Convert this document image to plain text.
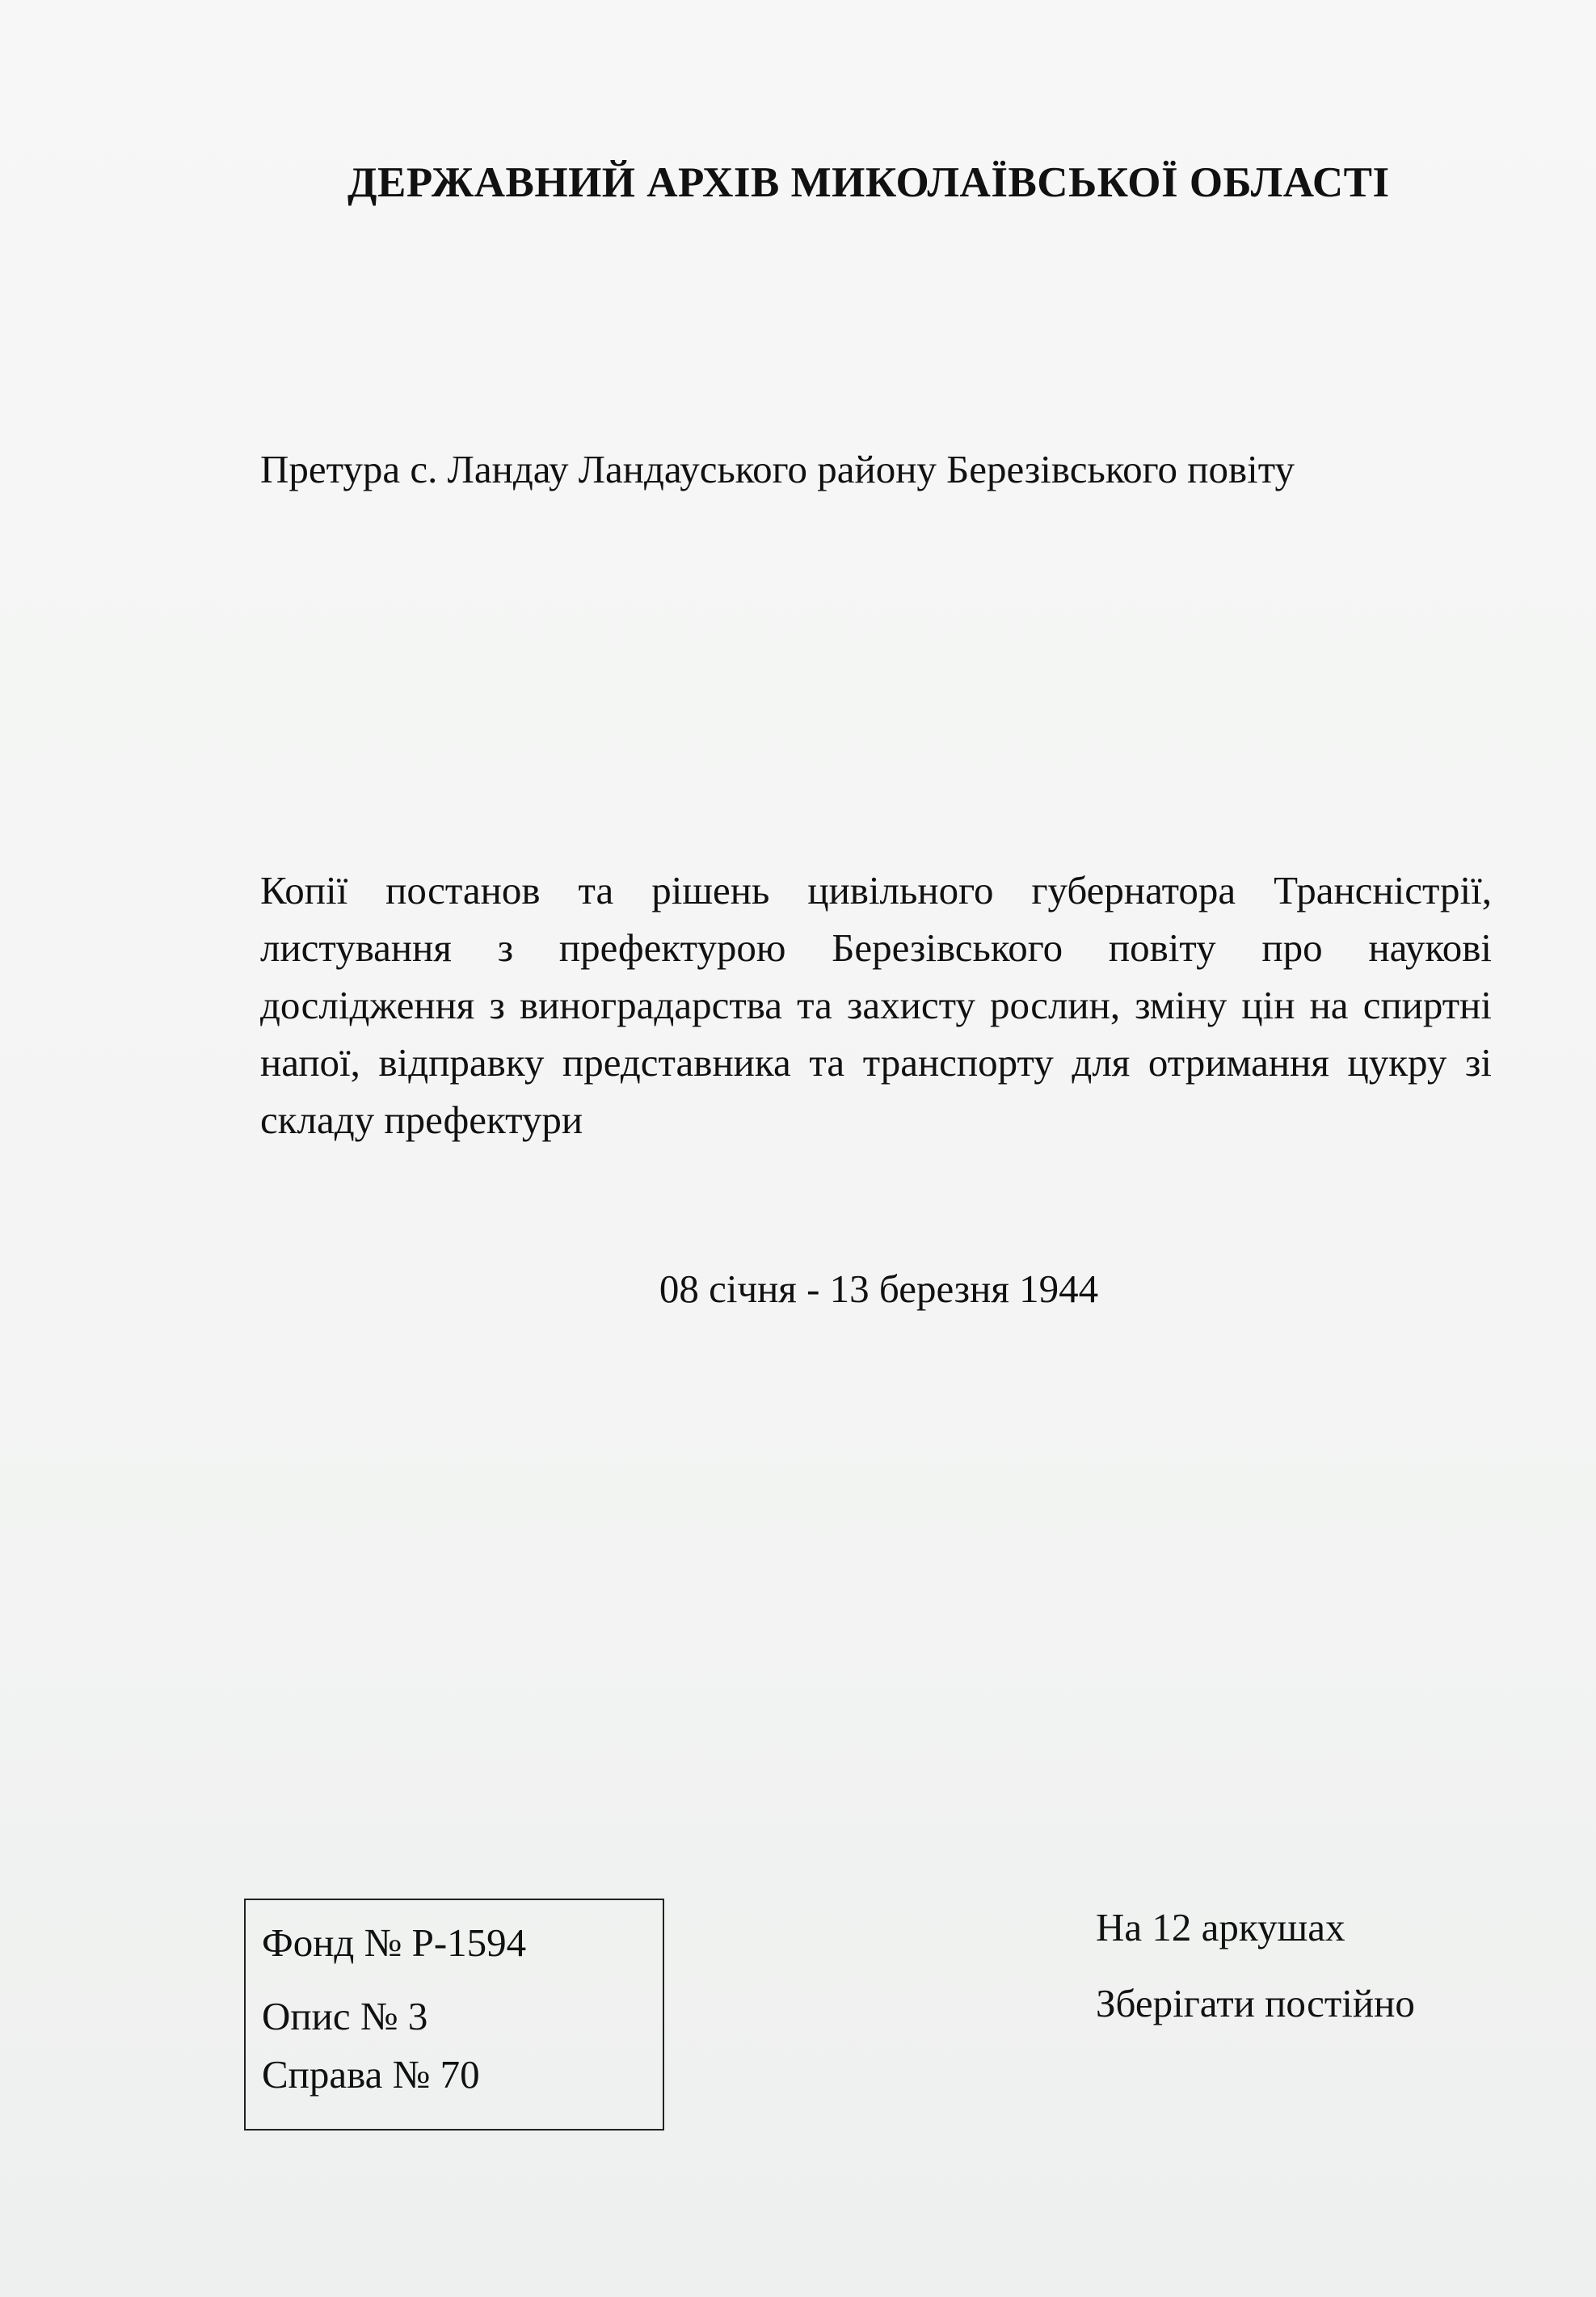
ДЕРЖАВНИЙ АРХІВ МИКОЛАЇВСЬКОЇ ОБЛАСТІ

Претура с. Ландау Ландауського району Березівського повіту

Копії постанов та рішень цивільного губернатора Трансністрії, листування з префектурою Березівського повіту про наукові дослідження з виноградарства та захисту рослин, зміну цін на спиртні напої, відправку представника та транспорту для отримання цукру зі складу префектури

08 січня - 13 березня 1944

Фонд № Р-1594
Опис № 3
Справа № 70
На 12 аркушах
Зберігати постійно
